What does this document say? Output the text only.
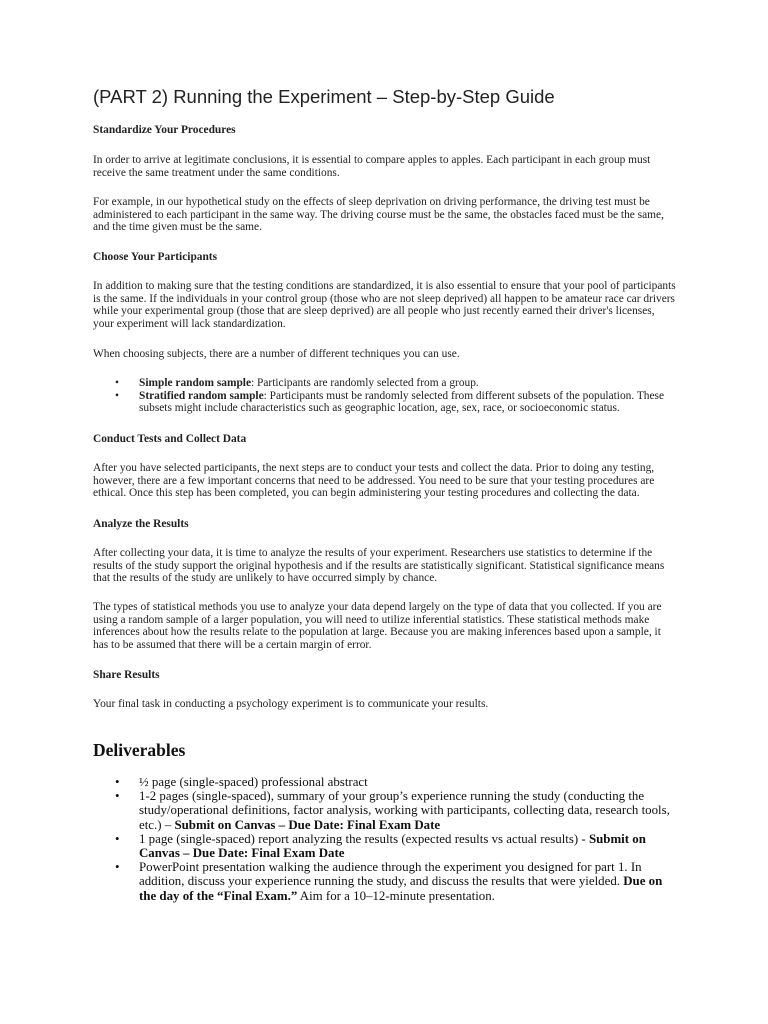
(PART 2) Running the Experiment – Step-by-Step Guide

Standardize Your Procedures

In order to arrive at legitimate conclusions, it is essential to compare apples to apples. Each participant in each group must receive the same treatment under the same conditions.

For example, in our hypothetical study on the effects of sleep deprivation on driving performance, the driving test must be administered to each participant in the same way. The driving course must be the same, the obstacles faced must be the same, and the time given must be the same.

Choose Your Participants

In addition to making sure that the testing conditions are standardized, it is also essential to ensure that your pool of participants is the same. If the individuals in your control group (those who are not sleep deprived) all happen to be amateur race car drivers while your experimental group (those that are sleep deprived) are all people who just recently earned their driver's licenses, your experiment will lack standardization.

When choosing subjects, there are a number of different techniques you can use.

• Simple random sample: Participants are randomly selected from a group.
• Stratified random sample: Participants must be randomly selected from different subsets of the population. These subsets might include characteristics such as geographic location, age, sex, race, or socioeconomic status.

Conduct Tests and Collect Data

After you have selected participants, the next steps are to conduct your tests and collect the data. Prior to doing any testing, however, there are a few important concerns that need to be addressed. You need to be sure that your testing procedures are ethical. Once this step has been completed, you can begin administering your testing procedures and collecting the data.

Analyze the Results

After collecting your data, it is time to analyze the results of your experiment. Researchers use statistics to determine if the results of the study support the original hypothesis and if the results are statistically significant. Statistical significance means that the results of the study are unlikely to have occurred simply by chance.

The types of statistical methods you use to analyze your data depend largely on the type of data that you collected. If you are using a random sample of a larger population, you will need to utilize inferential statistics. These statistical methods make inferences about how the results relate to the population at large. Because you are making inferences based upon a sample, it has to be assumed that there will be a certain margin of error.

Share Results

Your final task in conducting a psychology experiment is to communicate your results.

Deliverables
• ½ page (single-spaced) professional abstract
• 1-2 pages (single-spaced), summary of your group’s experience running the study (conducting the study/operational definitions, factor analysis, working with participants, collecting data, research tools, etc.) – Submit on Canvas – Due Date: Final Exam Date
• 1 page (single-spaced) report analyzing the results (expected results vs actual results) - Submit on Canvas – Due Date: Final Exam Date
• PowerPoint presentation walking the audience through the experiment you designed for part 1. In addition, discuss your experience running the study, and discuss the results that were yielded. Due on the day of the “Final Exam.” Aim for a 10–12-minute presentation.
